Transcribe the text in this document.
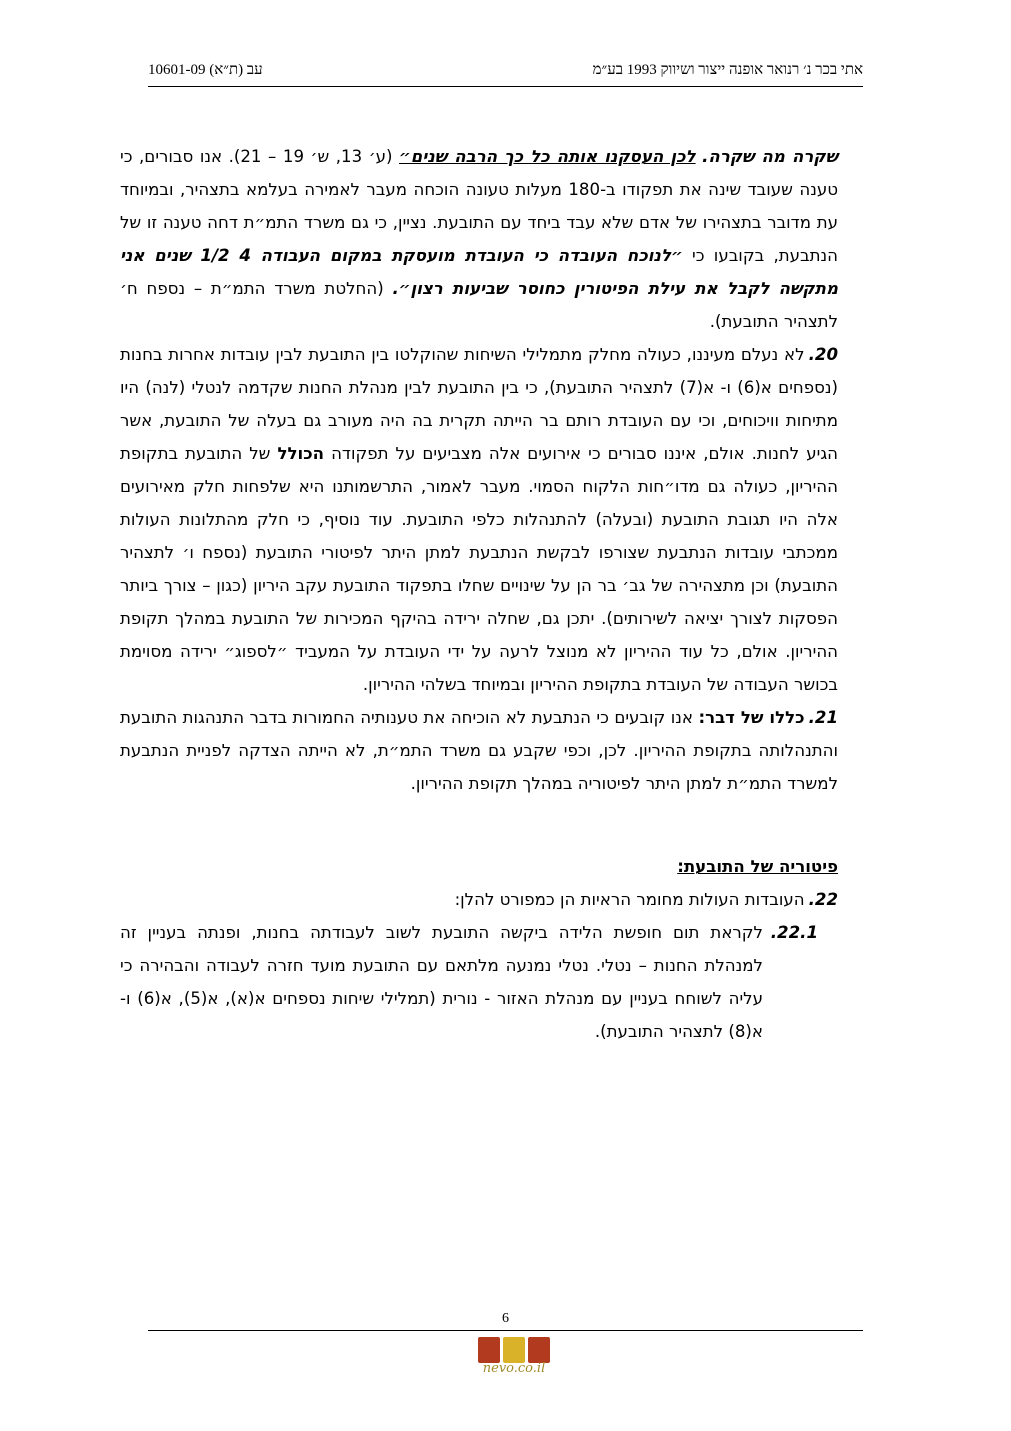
עב (ת״א) 10601-09	אתי בכר נ׳ רנואר אופנה ייצור ושיווק 1993 בע״מ

שקרה מה שקרה. לכן העסקנו אותה כל כך הרבה שנים״ (ע׳ 13, ש׳ 19 – 21). אנו סבורים, כי טענה שעובד שינה את תפקודו ב-180 מעלות טעונה הוכחה מעבר לאמירה בעלמא בתצהיר, ובמיוחד עת מדובר בתצהירו של אדם שלא עבד ביחד עם התובעת. נציין, כי גם משרד התמ״ת דחה טענה זו של הנתבעת, בקובעו כי ״לנוכח העובדה כי העובדת מועסקת במקום העבודה 4 1/2 שנים אני מתקשה לקבל את עילת הפיטורין כחוסר שביעות רצון״. (החלטת משרד התמ״ת – נספח ח׳ לתצהיר התובעת).

20.לא נעלם מעיננו, כעולה מחלק מתמלילי השיחות שהוקלטו בין התובעת לבין עובדות אחרות בחנות (נספחים א(6) ו- א(7) לתצהיר התובעת), כי בין התובעת לבין מנהלת החנות שקדמה לנטלי (לנה) היו מתיחות וויכוחים, וכי עם העובדת רותם בר הייתה תקרית בה היה מעורב גם בעלה של התובעת, אשר הגיע לחנות. אולם, איננו סבורים כי אירועים אלה מצביעים על תפקודה הכולל של התובעת בתקופת ההיריון, כעולה גם מדו״חות הלקוח הסמוי. מעבר לאמור, התרשמותנו היא שלפחות חלק מאירועים אלה היו תגובת התובעת (ובעלה) להתנהלות כלפי התובעת. עוד נוסיף, כי חלק מהתלונות העולות ממכתבי עובדות הנתבעת שצורפו לבקשת הנתבעת למתן היתר לפיטורי התובעת (נספח ו׳ לתצהיר התובעת) וכן מתצהירה של גב׳ בר הן על שינויים שחלו בתפקוד התובעת עקב היריון (כגון – צורך ביותר הפסקות לצורך יציאה לשירותים). יתכן גם, שחלה ירידה בהיקף המכירות של התובעת במהלך תקופת ההיריון. אולם, כל עוד ההיריון לא מנוצל לרעה על ידי העובדת על המעביד ״לספוג״ ירידה מסוימת בכושר העבודה של העובדת בתקופת ההיריון ובמיוחד בשלהי ההיריון.

21.כללו של דבר: אנו קובעים כי הנתבעת לא הוכיחה את טענותיה החמורות בדבר התנהגות התובעת והתנהלותה בתקופת ההיריון. לכן, וכפי שקבע גם משרד התמ״ת, לא הייתה הצדקה לפניית הנתבעת למשרד התמ״ת למתן היתר לפיטוריה במהלך תקופת ההיריון.

פיטוריה של התובעת:

22.העובדות העולות מחומר הראיות הן כמפורט להלן:

22.1.
לקראת תום חופשת הלידה ביקשה התובעת לשוב לעבודתה בחנות, ופנתה בעניין זה למנהלת החנות – נטלי. נטלי נמנעה מלתאם עם התובעת מועד חזרה לעבודה והבהירה כי עליה לשוחח בעניין עם מנהלת האזור - נורית (תמלילי שיחות נספחים א(א), א(5), א(6) ו- א(8) לתצהיר התובעת).

6
nevo.co.il
